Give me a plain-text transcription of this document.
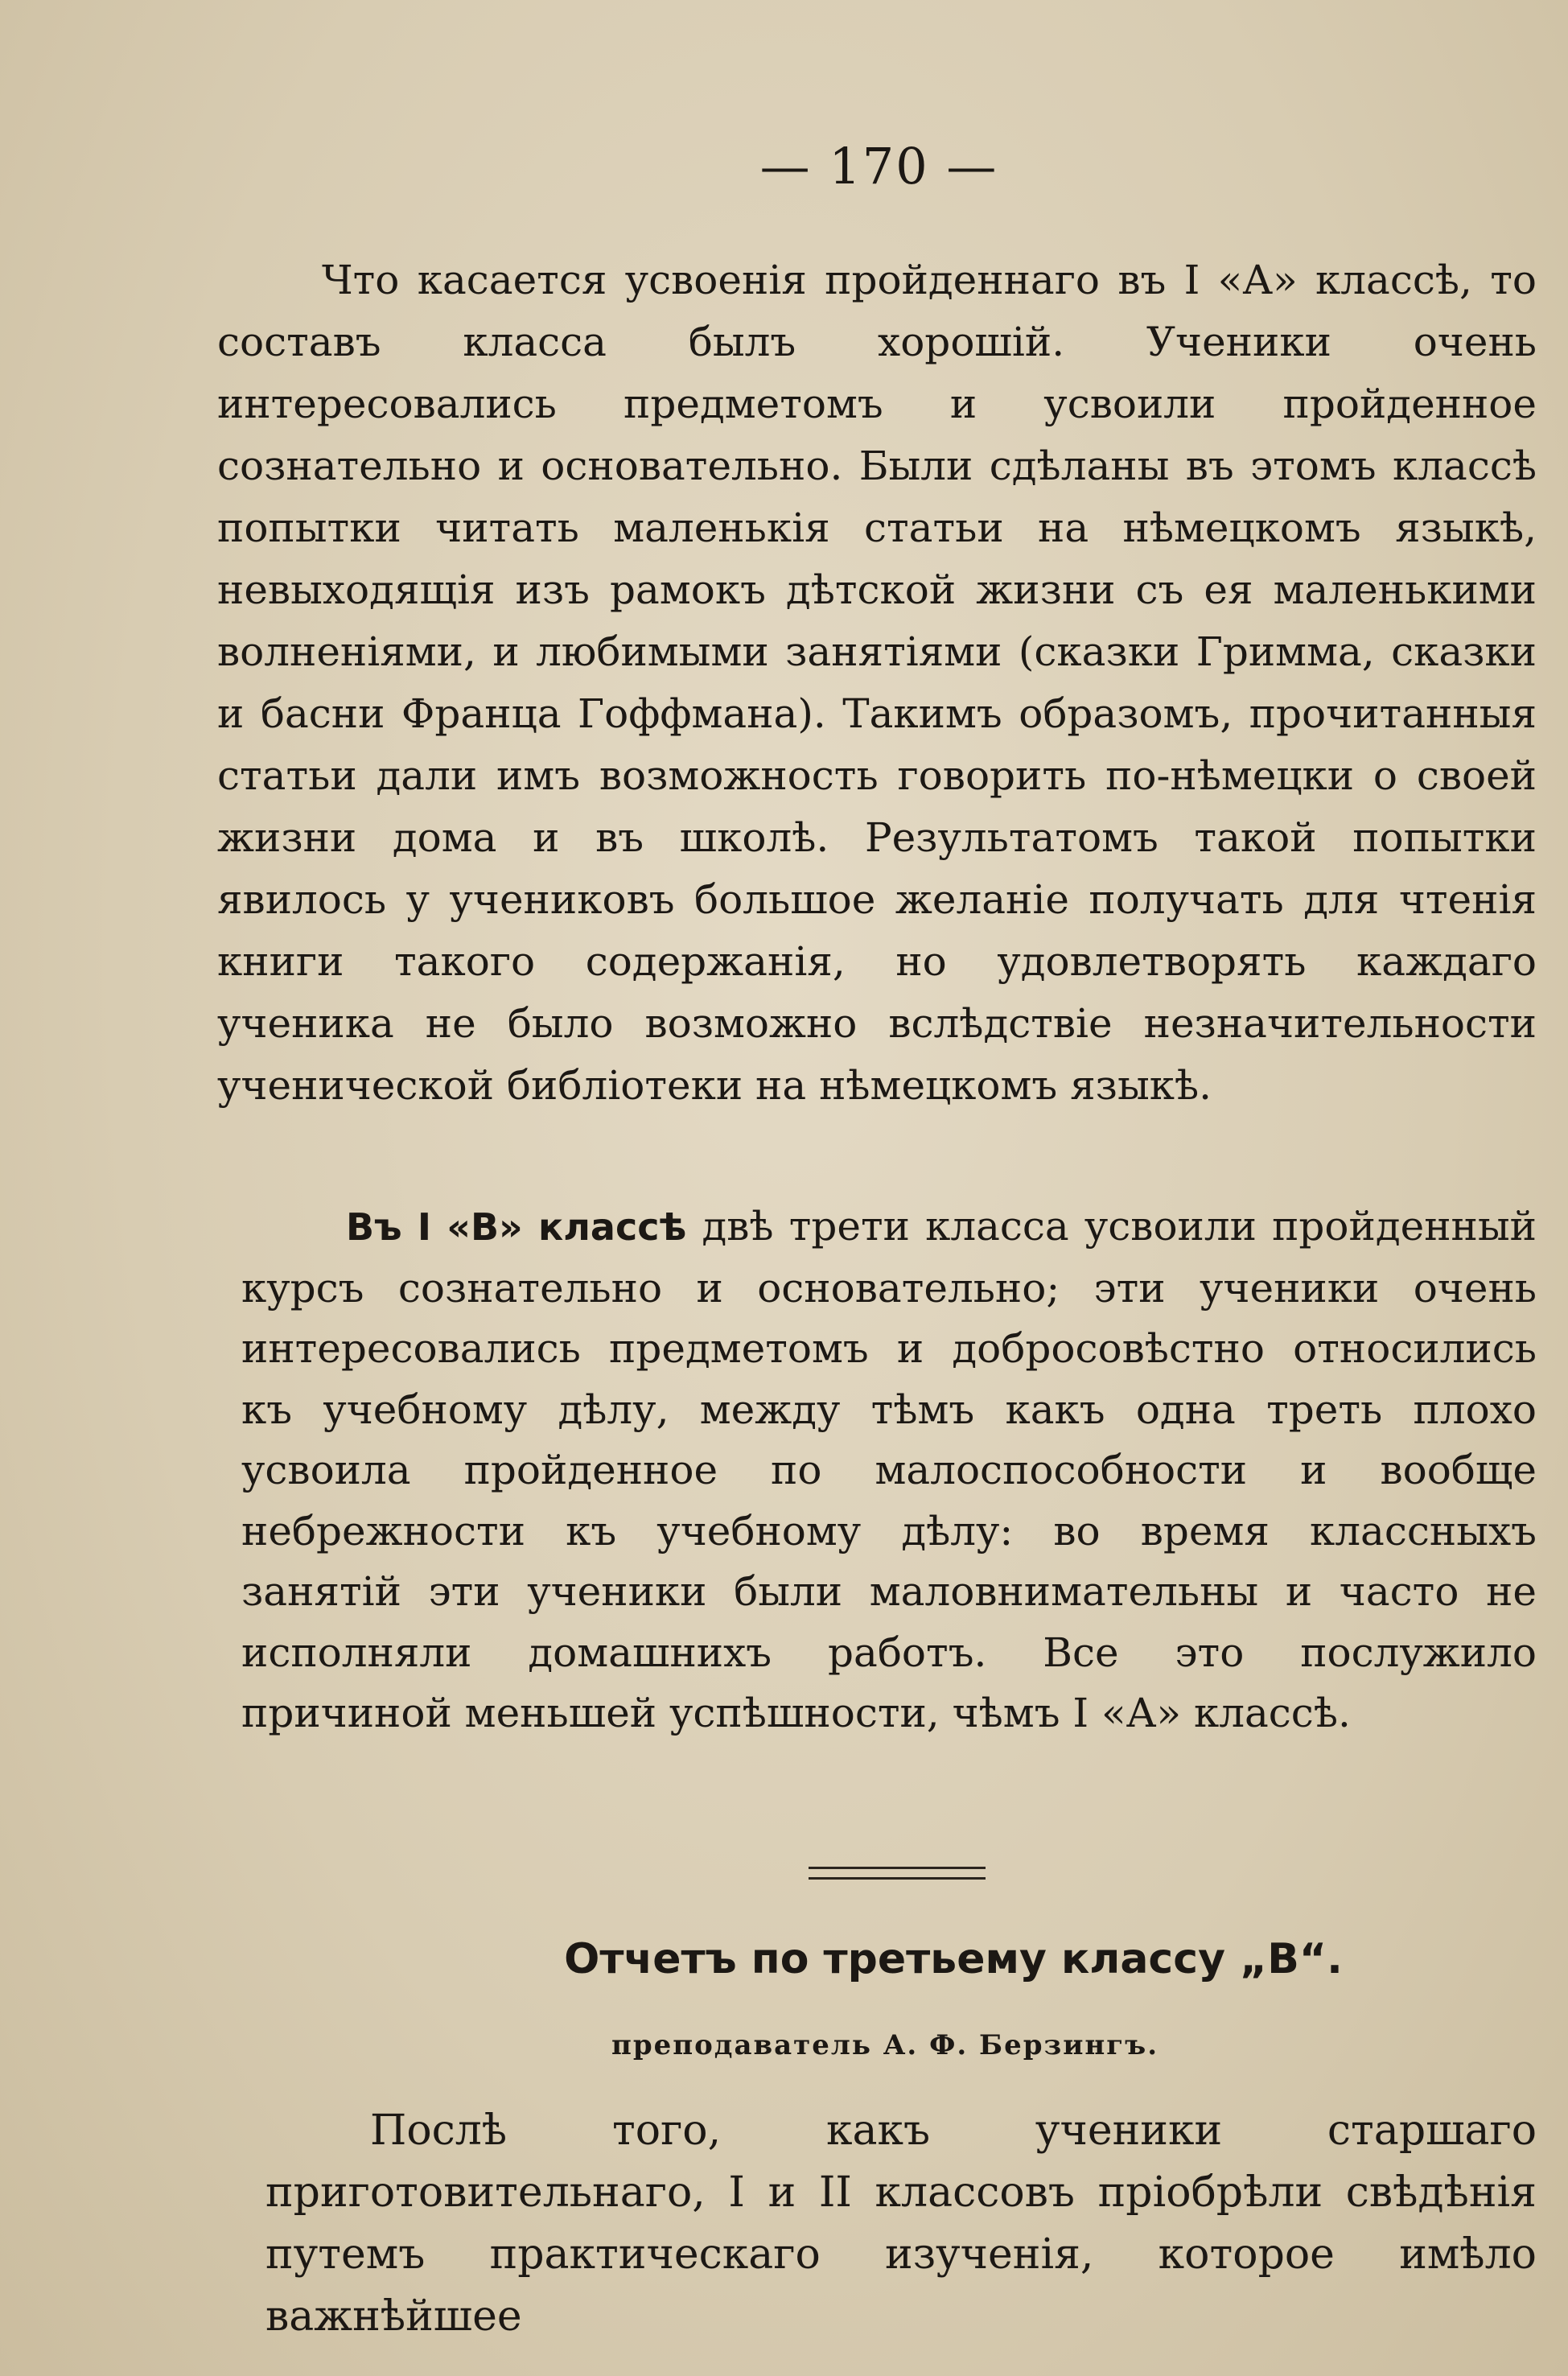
— 170 —

Что касается усвоенія пройденнаго въ I «А» классѣ, то составъ класса былъ хорошій. Ученики очень интересовались предметомъ и усвоили пройденное сознательно и основательно. Были сдѣланы въ этомъ классѣ попытки читать маленькія статьи на нѣмецкомъ языкѣ, невыходящія изъ рамокъ дѣтской жизни съ ея маленькими волненіями, и любимыми занятіями (сказки Гримма, сказки и басни Франца Гоффмана). Такимъ образомъ, прочитанныя статьи дали имъ возможность говорить по-нѣмецки о своей жизни дома и въ школѣ. Результатомъ такой попытки явилось у учениковъ большое желаніе получать для чтенія книги такого содержанія, но удовлетворять каждаго ученика не было возможно вслѣдствіе незначительности ученической библіотеки на нѣмецкомъ языкѣ.

Въ I «В» классѣ двѣ трети класса усвоили пройденный курсъ сознательно и основательно; эти ученики очень интересовались предметомъ и добросовѣстно относились къ учебному дѣлу, между тѣмъ какъ одна треть плохо усвоила пройденное по малоспособности и вообще небрежности къ учебному дѣлу: во время классныхъ занятій эти ученики были маловнимательны и часто не исполняли домашнихъ работъ. Все это послужило причиной меньшей успѣшности, чѣмъ I «А» классѣ.

Отчетъ по третьему классу „В“.
преподаватель А. Ф. Берзингъ.

Послѣ того, какъ ученики старшаго приготовительнаго, I и II классовъ пріобрѣли свѣдѣнія путемъ практическаго изученія, которое имѣло важнѣйшее
